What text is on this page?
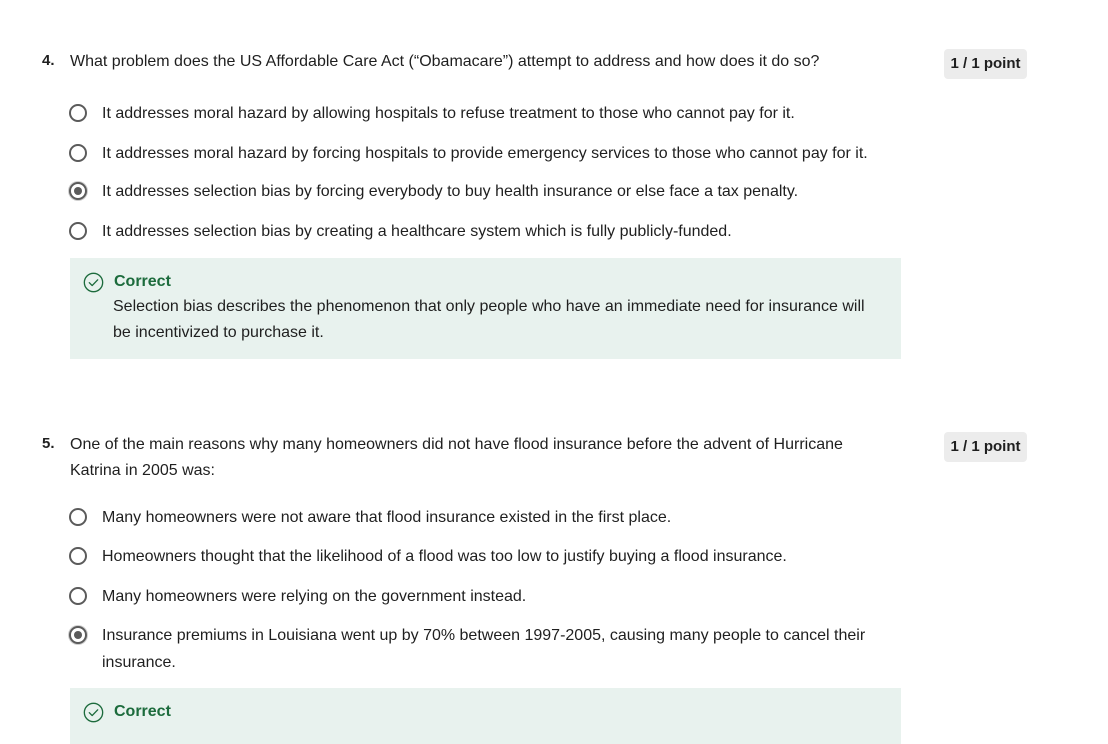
4. What problem does the US Affordable Care Act (“Obamacare”) attempt to address and how does it do so?	1 / 1 point
It addresses moral hazard by allowing hospitals to refuse treatment to those who cannot pay for it.
It addresses moral hazard by forcing hospitals to provide emergency services to those who cannot pay for it.
It addresses selection bias by forcing everybody to buy health insurance or else face a tax penalty.
It addresses selection bias by creating a healthcare system which is fully publicly-funded.
Correct
Selection bias describes the phenomenon that only people who have an immediate need for insurance will be incentivized to purchase it.
5. One of the main reasons why many homeowners did not have flood insurance before the advent of Hurricane Katrina in 2005 was:
1 / 1 point
Many homeowners were not aware that flood insurance existed in the first place.
Homeowners thought that the likelihood of a flood was too low to justify buying a flood insurance.
Many homeowners were relying on the government instead.
Insurance premiums in Louisiana went up by 70% between 1997-2005, causing many people to cancel their insurance.
Correct
